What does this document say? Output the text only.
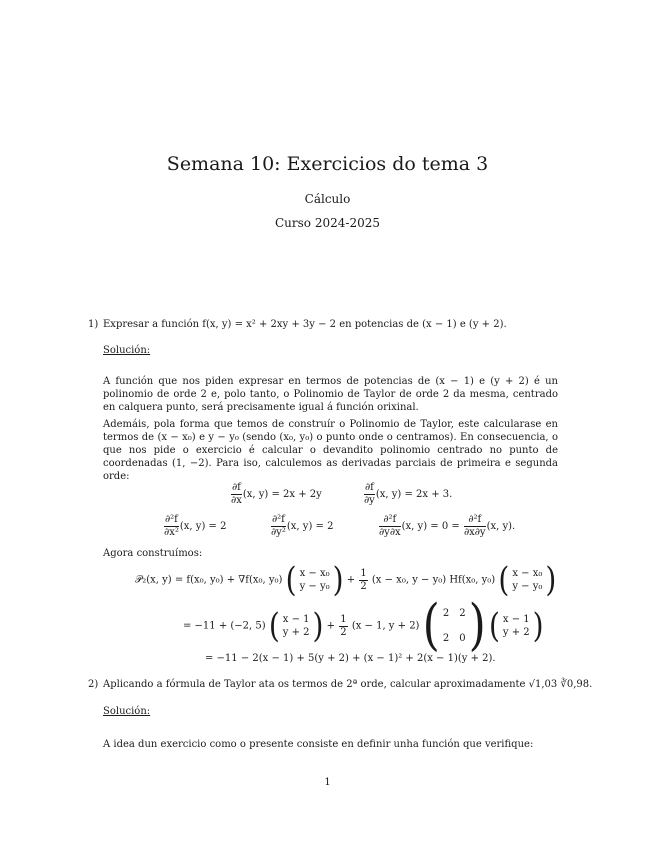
Semana 10: Exercicios do tema 3
Cálculo
Curso 2024-2025
1) Expresar a función f(x, y) = x² + 2xy + 3y − 2 en potencias de (x − 1) e (y + 2).
Solución:
A función que nos piden expresar en termos de potencias de (x − 1) e (y + 2) é un polinomio de orde 2 e, polo tanto, o Polinomio de Taylor de orde 2 da mesma, centrado en calquera punto, será precisamente igual á función orixinal.
Ademáis, pola forma que temos de construír o Polinomio de Taylor, este calcularase en termos de (x − x₀) e y − y₀ (sendo (x₀, y₀) o punto onde o centramos). En consecuencia, o que nos pide o exercicio é calcular o devandito polinomio centrado no punto de coordenadas (1, −2). Para iso, calculemos as derivadas parciais de primeira e segunda orde:
$\frac{\partial f}{\partial x} (x$, y) = 2x + 2y	$\frac{\partial f}{\partial y} (x$, y) = 2x + 3.
$\frac{\text{∂²f}}{\text{∂x²}} (x$, y) = 2	$\frac{\text{∂²f}}{\text{∂y²}} (x$, y) = 2	$\frac{\text{∂²f}}{\partial y\partial x} (x$, $y) = 0 = \frac{\text{∂²f}}{\partial x\partial y} (x$, y).
Agora construímos:
𝒫₂(x, y) = f(x₀, y₀) + ∇f(x₀, y₀) ( x − x₀
y − y₀ ) + $\frac{1}{2} (x - x_0$, y − y₀) Hf(x₀, y₀) ( x − x₀
y − y₀ )
= −11 + (−2, 5) ( x − 1
y + 2 ) + $\frac{1}{2} (x - 1$, y + 2) ( 2 2
2 0 )
( x − 1
y + 2 )
= −11 − 2(x − 1) + 5(y + 2) + (x − 1)² + 2(x − 1)(y + 2).
2) Aplicando a fórmula de Taylor ata os termos de 2ª orde, calcular aproximadamente √1,03 ∛0,98.
Solución:
A idea dun exercicio como o presente consiste en definir unha función que verifique:
1
